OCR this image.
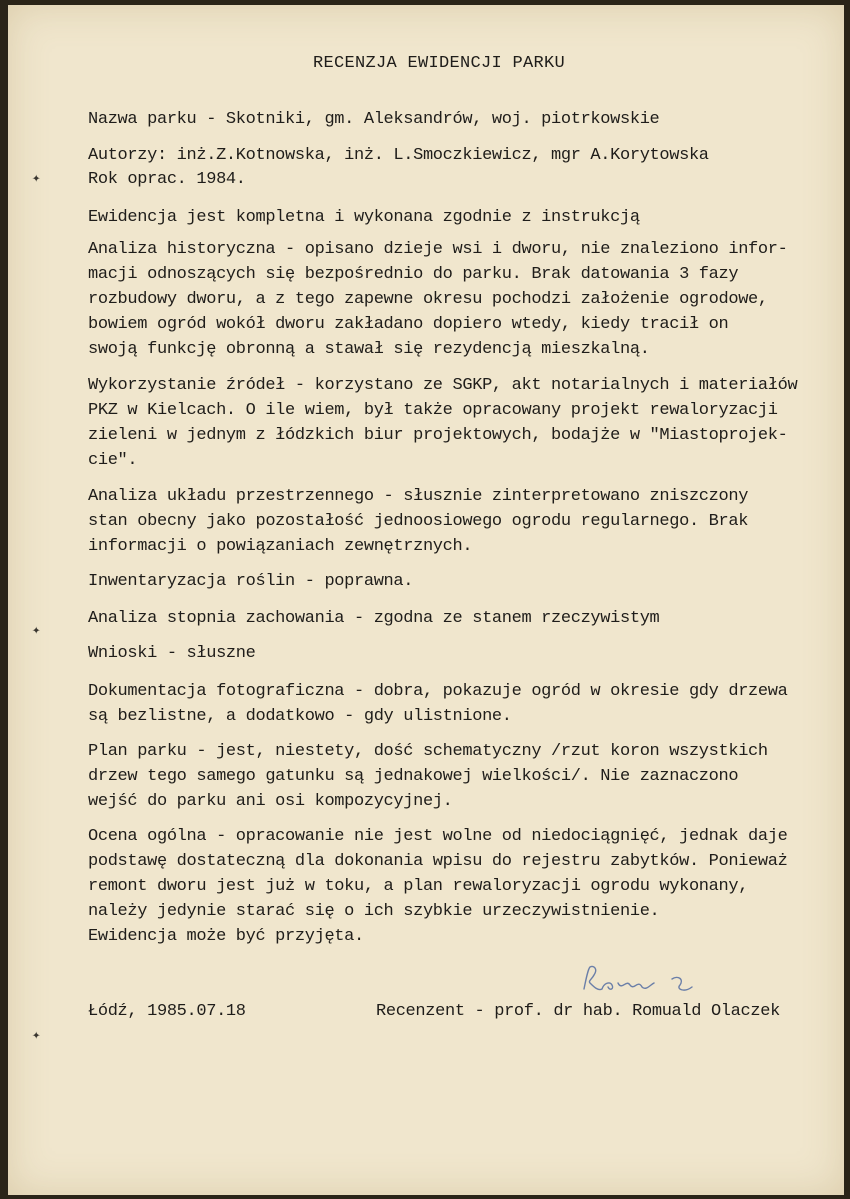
✦
✦
✦

RECENZJA EWIDENCJI PARKU

Nazwa parku - Skotniki, gm. Aleksandrów, woj. piotrkowskie

Autorzy: inż.Z.Kotnowska, inż. L.Smoczkiewicz, mgr A.Korytowska

Rok oprac. 1984.

Ewidencja jest kompletna i wykonana zgodnie z instrukcją

Analiza historyczna - opisano dzieje wsi i dworu, nie znaleziono infor-

macji odnoszących się bezpośrednio do parku. Brak datowania 3 fazy

rozbudowy dworu, a z tego zapewne okresu pochodzi założenie ogrodowe,

bowiem ogród wokół dworu zakładano dopiero wtedy, kiedy tracił on

swoją funkcję obronną a stawał się rezydencją mieszkalną.

Wykorzystanie źródeł - korzystano ze SGKP, akt notarialnych i materiałów

PKZ w Kielcach. O ile wiem, był także opracowany projekt rewaloryzacji

zieleni w jednym z łódzkich biur projektowych, bodajże w "Miastoprojek-

cie".

Analiza układu przestrzennego - słusznie zinterpretowano zniszczony

stan obecny jako pozostałość jednoosiowego ogrodu regularnego. Brak

informacji o powiązaniach zewnętrznych.

Inwentaryzacja roślin - poprawna.

Analiza stopnia zachowania - zgodna ze stanem rzeczywistym

Wnioski - słuszne

Dokumentacja fotograficzna - dobra, pokazuje ogród w okresie gdy drzewa

są bezlistne, a dodatkowo - gdy ulistnione.

Plan parku - jest, niestety, dość schematyczny /rzut koron wszystkich

drzew tego samego gatunku są jednakowej wielkości/. Nie zaznaczono

wejść do parku ani osi kompozycyjnej.

Ocena ogólna - opracowanie nie jest wolne od niedociągnięć, jednak daje

podstawę dostateczną dla dokonania wpisu do rejestru zabytków. Ponieważ

remont dworu jest już w toku, a plan rewaloryzacji ogrodu wykonany,

należy jedynie starać się o ich szybkie urzeczywistnienie.

Ewidencja może być przyjęta.

Łódź, 1985.07.18

	Recenzent - prof. dr hab. Romuald Olaczek
